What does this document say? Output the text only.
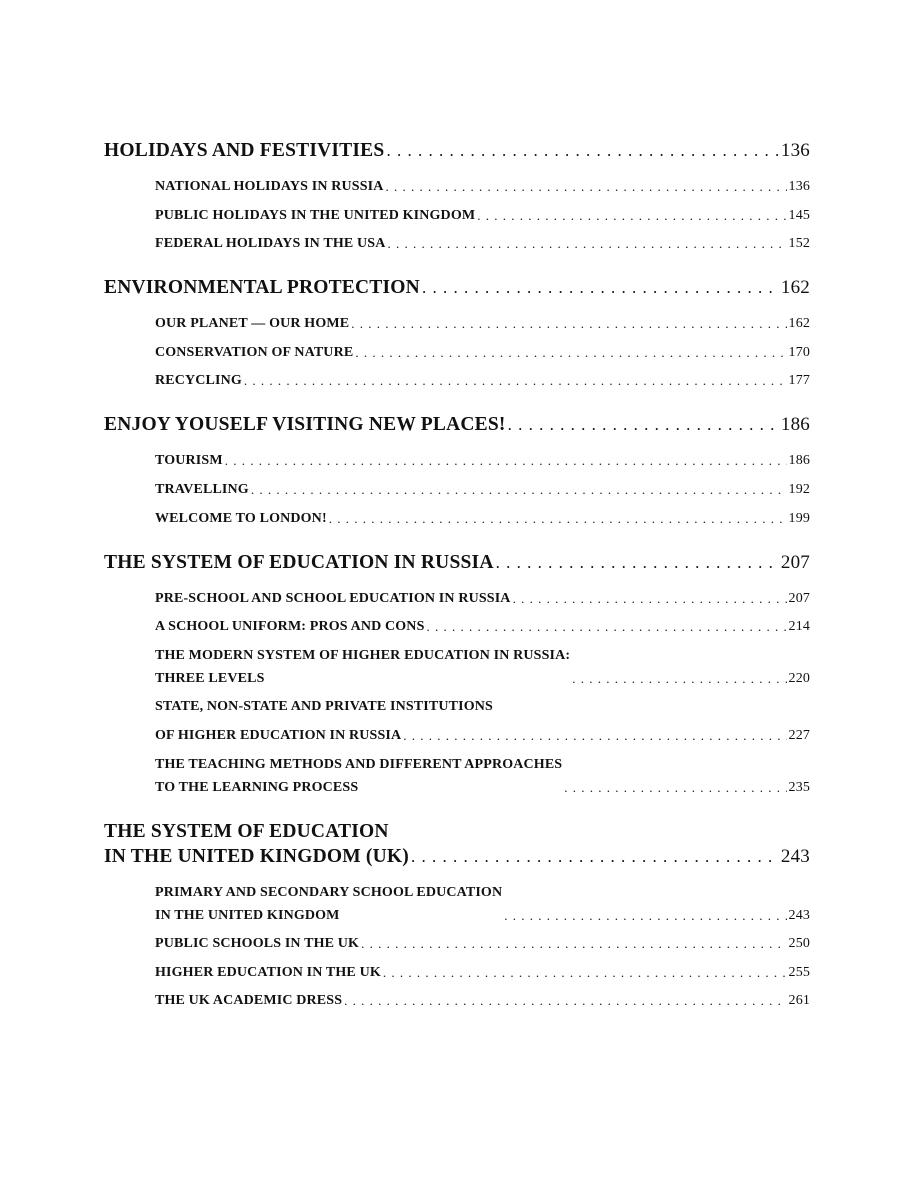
HOLIDAYS AND FESTIVITIES . . .	136
NATIONAL HOLIDAYS IN RUSSIA . . .	136
PUBLIC HOLIDAYS IN THE UNITED KINGDOM . . .	145
FEDERAL HOLIDAYS IN THE USA . . .	152
ENVIRONMENTAL PROTECTION . . .	162
OUR PLANET — OUR HOME . . .	162
CONSERVATION OF NATURE . . .	170
RECYCLING . . .	177
ENJOY YOUSELF VISITING NEW PLACES! . . .	186
TOURISM . . .	186
TRAVELLING . . .	192
WELCOME TO LONDON! . . .	199
THE SYSTEM OF EDUCATION IN RUSSIA . . .	207
PRE-SCHOOL AND SCHOOL EDUCATION IN RUSSIA . . .	207
A SCHOOL UNIFORM: PROS AND CONS . . .	214
THE MODERN SYSTEM OF HIGHER EDUCATION IN RUSSIA:
THREE LEVELS . . .	220
STATE, NON-STATE AND PRIVATE INSTITUTIONS
OF HIGHER EDUCATION IN RUSSIA . . .	227
THE TEACHING METHODS AND DIFFERENT APPROACHES
TO THE LEARNING PROCESS . . .	235
THE SYSTEM OF EDUCATION
IN THE UNITED KINGDOM (UK) . . .	243
PRIMARY AND SECONDARY SCHOOL EDUCATION
IN THE UNITED KINGDOM . . .	243
PUBLIC SCHOOLS IN THE UK . . .	250
HIGHER EDUCATION IN THE UK . . .	255
THE UK ACADEMIC DRESS . . .	261
